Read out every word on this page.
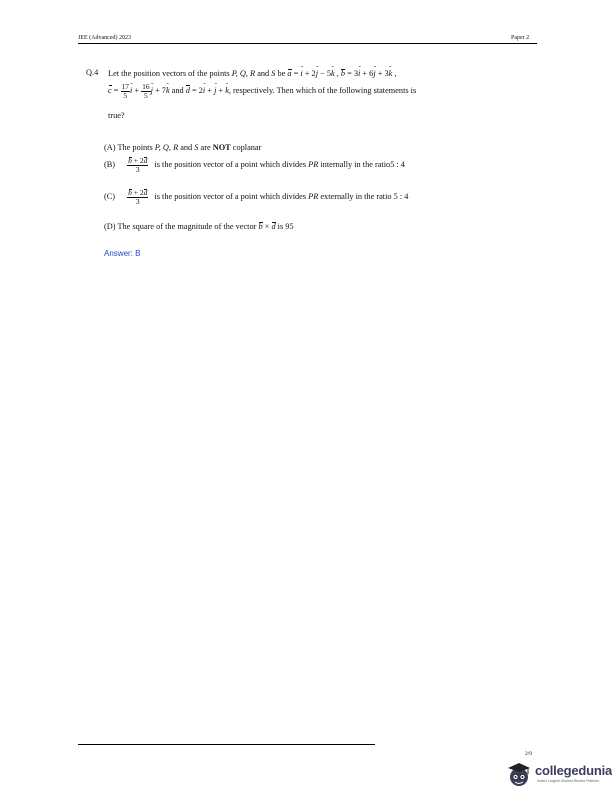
JEE (Advanced) 2023	Paper 2
Q.4 Let the position vectors of the points P, Q, R and S be a = ˆ i + 2ˆ j − 5ˆ k , b = 3ˆ i + 6ˆ j + 3ˆ k ,
$c = \frac{17}{5}$ ˆ $i + \frac{16}{5}$ ˆ j + 7ˆ k and d = 2ˆ i + ˆ j + ˆ k, respectively. Then which of the following statements is
true?
(A) The points P, Q, R and S are NOT coplanar
$(B) \frac{b + 2d}{3}$ is the position vector of a point which divides PR internally in the ratio5 : 4
$(C) \frac{b + 2d}{3}$ is the position vector of a point which divides PR externally in the ratio 5 : 4
(D) The square of the magnitude of the vector b × d is 95
Answer: B
2/9
collegedunia
India's Largest Student Review Platform
